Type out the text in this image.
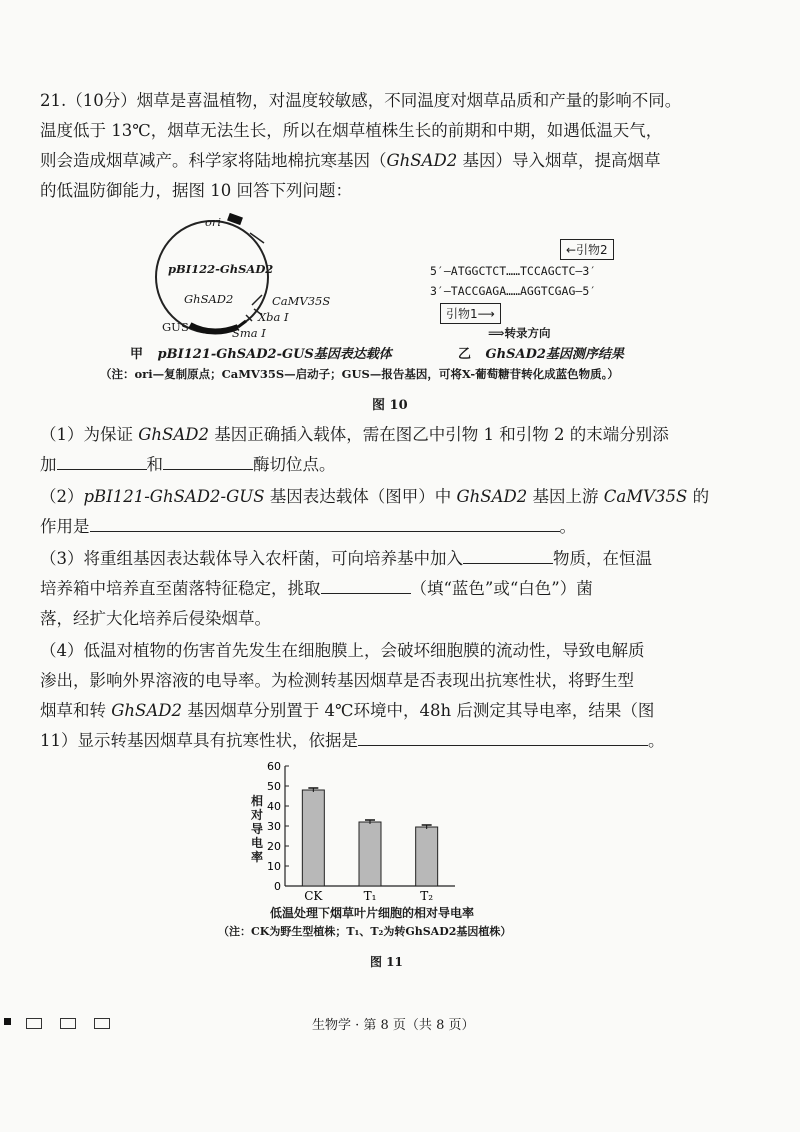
21.（10分）烟草是喜温植物，对温度较敏感，不同温度对烟草品质和产量的影响不同。
温度低于 13℃，烟草无法生长，所以在烟草植株生长的前期和中期，如遇低温天气，
则会造成烟草减产。科学家将陆地棉抗寒基因（GhSAD2 基因）导入烟草，提高烟草
的低温防御能力，据图 10 回答下列问题：

ori
pBI122-GhSAD2
GhSAD2	CaMV35S
Xba Ⅰ
GUS	Sma Ⅰ
甲 pBI121-GhSAD2-GUS基因表达载体
←引物2
5′—ATGGCTCT……TCCAGCTC—3′
3′—TACCGAGA……AGGTCGAG—5′
引物1⟶
⟹转录方向
乙 GhSAD2基因测序结果
（注：ori—复制原点；CaMV35S—启动子；GUS—报告基因，可将X-葡萄糖苷转化成蓝色物质。）
图 10

（1）为保证 GhSAD2 基因正确插入载体，需在图乙中引物 1 和引物 2 的末端分别添
加	和	酶切位点。

（2）pBI121-GhSAD2-GUS 基因表达载体（图甲）中 GhSAD2 基因上游 CaMV35S 的
作用是	。

（3）将重组基因表达载体导入农杆菌，可向培养基中加入	物质，在恒温
培养箱中培养直至菌落特征稳定，挑取	（填“蓝色”或“白色”）菌
落，经扩大化培养后侵染烟草。

（4）低温对植物的伤害首先发生在细胞膜上，会破坏细胞膜的流动性，导致电解质
渗出，影响外界溶液的电导率。为检测转基因烟草是否表现出抗寒性状，将野生型
烟草和转 GhSAD2 基因烟草分别置于 4℃环境中，48h 后测定其导电率，结果（图
11）显示转基因烟草具有抗寒性状，依据是	。

0
10
20
30
40
50
60
CK	T₁	T₂
相对导电率
低温处理下烟草叶片细胞的相对导电率
（注：CK为野生型植株；T₁、T₂为转GhSAD2基因植株）
图 11
生物学 · 第 8 页（共 8 页）
